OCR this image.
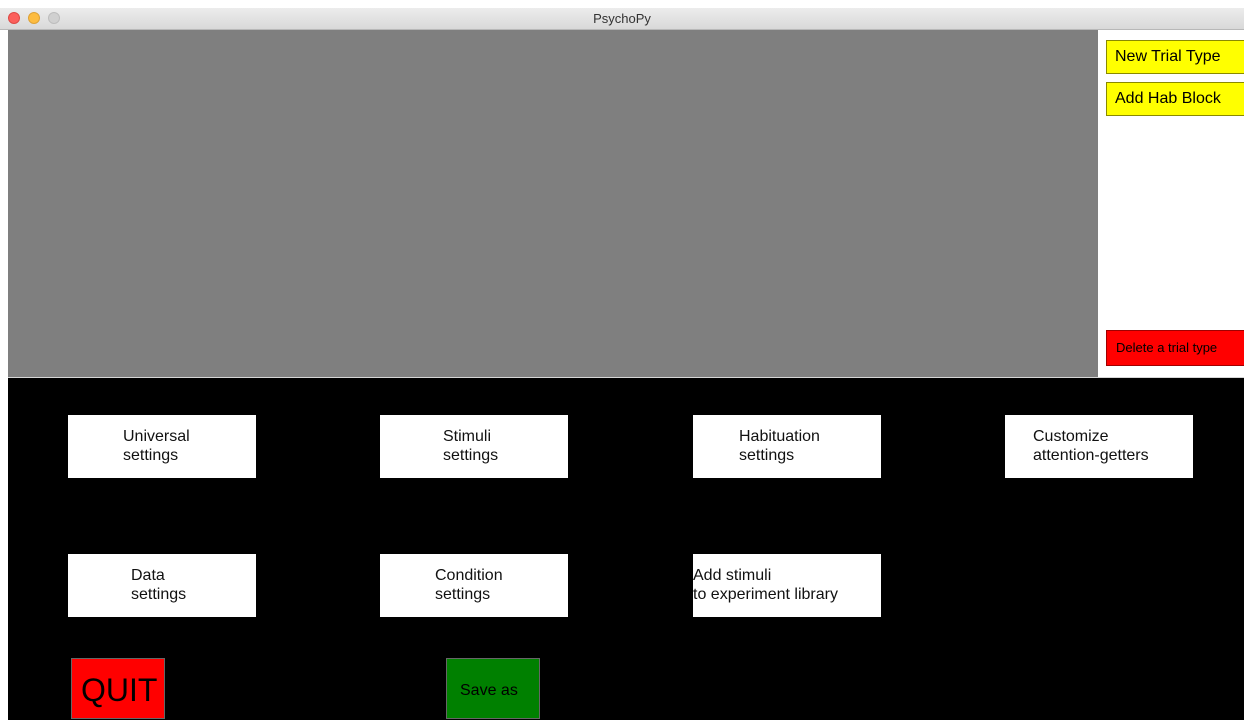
PsychoPy
New Trial Type
Add Hab Block
Delete a trial type
Universal
settings
Stimuli
settings
Habituation
settings
Customize
attention-getters
Data
settings
Condition
settings
Add stimuli
to experiment library
QUIT	Save as
